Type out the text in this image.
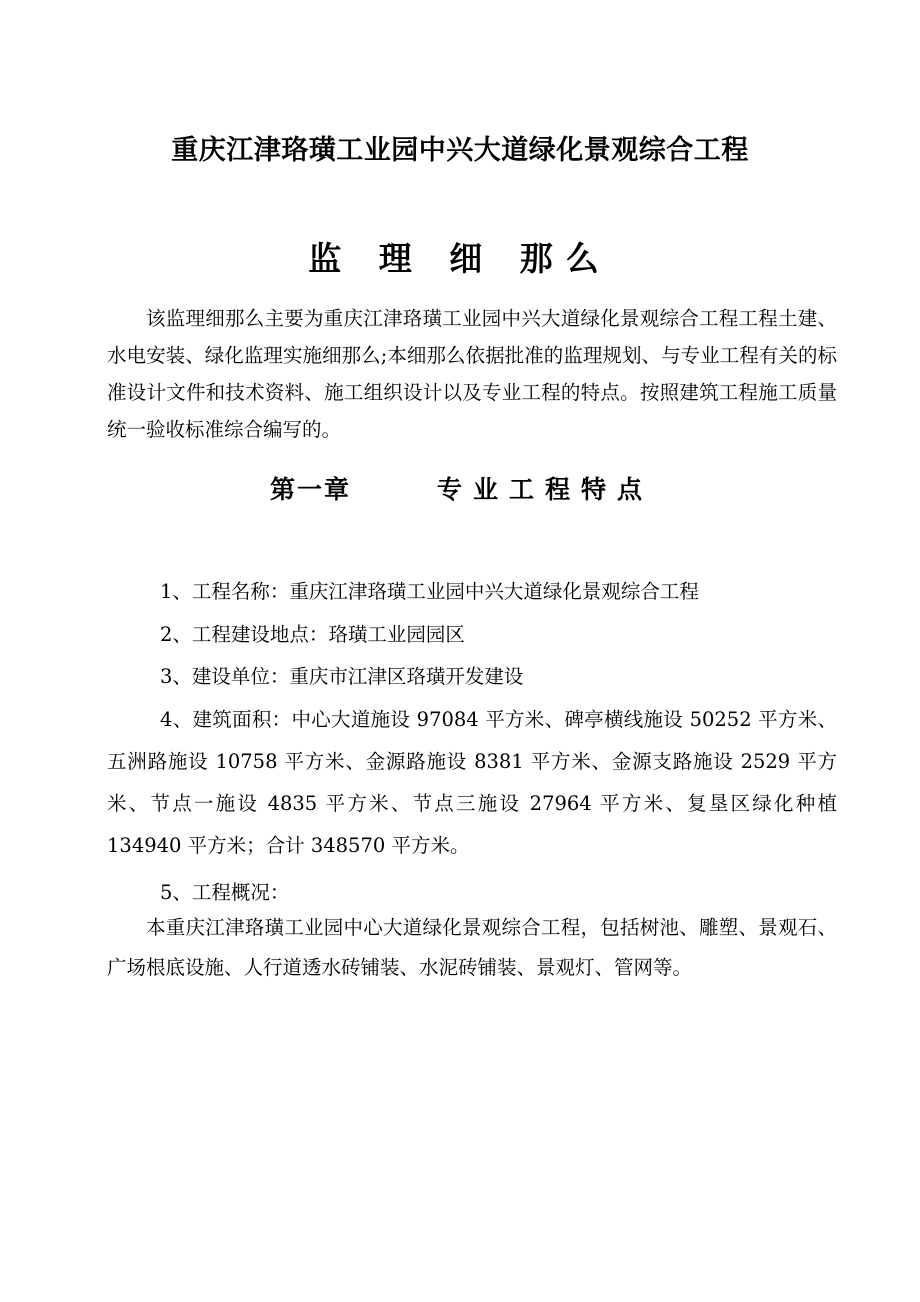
重庆江津珞璜工业园中兴大道绿化景观综合工程
监 理 细 那么

该监理细那么主要为重庆江津珞璜工业园中兴大道绿化景观综合工程工程土建、水电安装、绿化监理实施细那么;本细那么依据批准的监理规划、与专业工程有关的标准设计文件和技术资料、施工组织设计以及专业工程的特点。按照建筑工程施工质量统一验收标准综合编写的。

第一章	专业工程特点

1、工程名称：重庆江津珞璜工业园中兴大道绿化景观综合工程

2、工程建设地点：珞璜工业园园区

3、建设单位：重庆市江津区珞璜开发建设

4、建筑面积：中心大道施设 97084 平方米、碑亭横线施设 50252 平方米、五洲路施设 10758 平方米、金源路施设 8381 平方米、金源支路施设 2529 平方米、节点一施设 4835 平方米、节点三施设 27964 平方米、复垦区绿化种植 134940 平方米；合计 348570 平方米。

5、工程概况：

本重庆江津珞璜工业园中心大道绿化景观综合工程，包括树池、雕塑、景观石、广场根底设施、人行道透水砖铺装、水泥砖铺装、景观灯、管网等。
